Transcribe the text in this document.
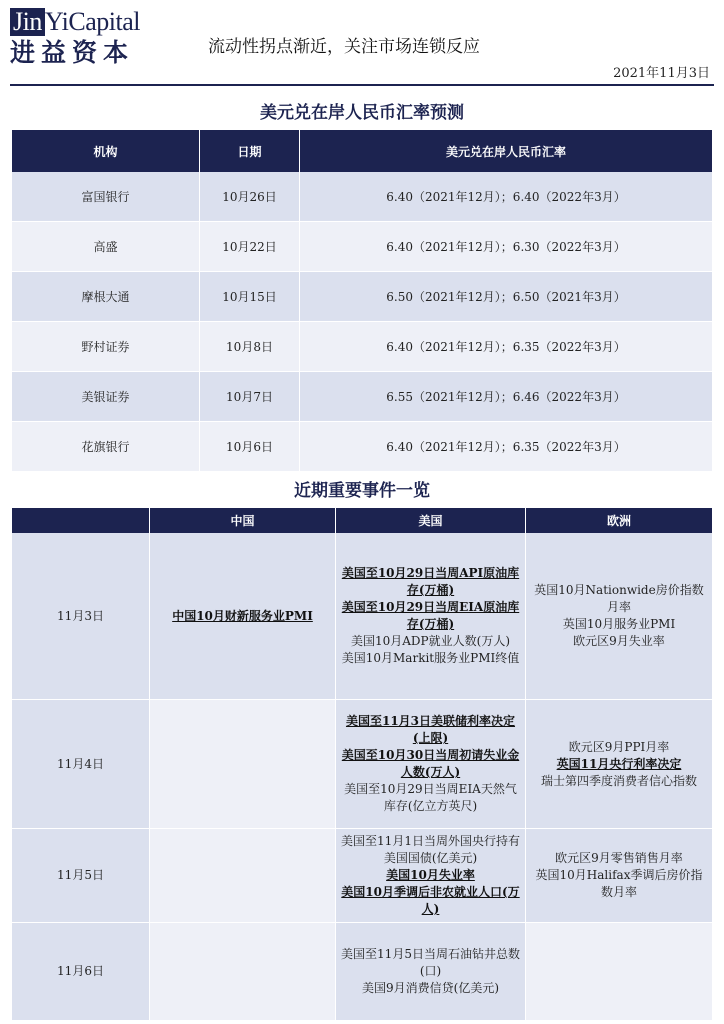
Jin YiCapital
进益资本	流动性拐点渐近，关注市场连锁反应
2021年11月3日
美元兑在岸人民币汇率预测
机构	日期	美元兑在岸人民币汇率
富国银行	10月26日	6.40（2021年12月）；6.40（2022年3月）
高盛	10月22日	6.40（2021年12月）；6.30（2022年3月）
摩根大通	10月15日	6.50（2021年12月）；6.50（2021年3月）
野村证券	10月8日	6.40（2021年12月）；6.35（2022年3月）
美银证券	10月7日	6.55（2021年12月）；6.46（2022年3月）
花旗银行	10月6日	6.40（2021年12月）；6.35（2022年3月）
近期重要事件一览
	中国	美国	欧洲
11月3日	中国10月财新服务业PMI	美国至10月29日当周API原油库存(万桶)
美国至10月29日当周EIA原油库存(万桶)
美国10月ADP就业人数(万人)
美国10月Markit服务业PMI终值	英国10月Nationwide房价指数月率
英国10月服务业PMI
欧元区9月失业率

11月4日		美国至11月3日美联储利率决定(上限)
美国至10月30日当周初请失业金人数(万人)
美国至10月29日当周EIA天然气库存(亿立方英尺)	欧元区9月PPI月率
英国11月央行利率决定
瑞士第四季度消费者信心指数

11月5日		美国至11月1日当周外国央行持有美国国债(亿美元)
美国10月失业率
美国10月季调后非农就业人口(万人)	欧元区9月零售销售月率
英国10月Halifax季调后房价指数月率

11月6日		美国至11月5日当周石油钻井总数(口)
美国9月消费信贷(亿美元)	
